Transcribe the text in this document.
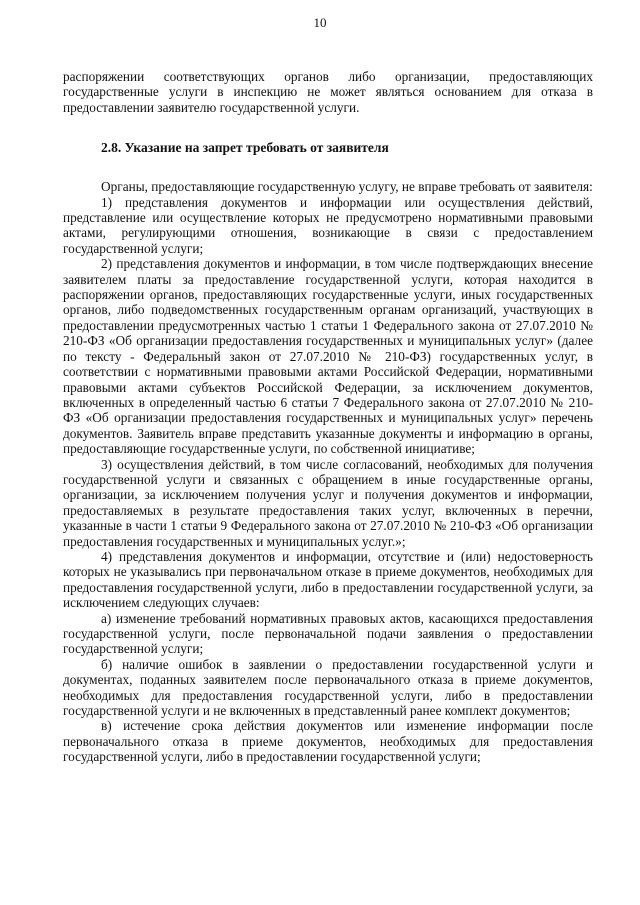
10

распоряжении соответствующих органов либо организации, предоставляющих государственные услуги в инспекцию не может являться основанием для отказа в предоставлении заявителю государственной услуги.

2.8. Указание на запрет требовать от заявителя

Органы, предоставляющие государственную услугу, не вправе требовать от заявителя:

1) представления документов и информации или осуществления действий, представление или осуществление которых не предусмотрено нормативными правовыми актами, регулирующими отношения, возникающие в связи с предоставлением государственной услуги;

2) представления документов и информации, в том числе подтверждающих внесение заявителем платы за предоставление государственной услуги, которая находится в распоряжении органов, предоставляющих государственные услуги, иных государственных органов, либо подведомственных государственным органам организаций, участвующих в предоставлении предусмотренных частью 1 статьи 1 Федерального закона от 27.07.2010 № 210-ФЗ «Об организации предоставления государственных и муниципальных услуг» (далее по тексту - Федеральный закон от 27.07.2010 № 210-ФЗ) государственных услуг, в соответствии с нормативными правовыми актами Российской Федерации, нормативными правовыми актами субъектов Российской Федерации, за исключением документов, включенных в определенный частью 6 статьи 7 Федерального закона от 27.07.2010 № 210-ФЗ «Об организации предоставления государственных и муниципальных услуг» перечень документов. Заявитель вправе представить указанные документы и информацию в органы, предоставляющие государственные услуги, по собственной инициативе;

3) осуществления действий, в том числе согласований, необходимых для получения государственной услуги и связанных с обращением в иные государственные органы, организации, за исключением получения услуг и получения документов и информации, предоставляемых в результате предоставления таких услуг, включенных в перечни, указанные в части 1 статьи 9 Федерального закона от 27.07.2010 № 210-ФЗ «Об организации предоставления государственных и муниципальных услуг.»;

4) представления документов и информации, отсутствие и (или) недостоверность которых не указывались при первоначальном отказе в приеме документов, необходимых для предоставления государственной услуги, либо в предоставлении государственной услуги, за исключением следующих случаев:

а) изменение требований нормативных правовых актов, касающихся предоставления государственной услуги, после первоначальной подачи заявления о предоставлении государственной услуги;

б) наличие ошибок в заявлении о предоставлении государственной услуги и документах, поданных заявителем после первоначального отказа в приеме документов, необходимых для предоставления государственной услуги, либо в предоставлении государственной услуги и не включенных в представленный ранее комплект документов;

в) истечение срока действия документов или изменение информации после первоначального отказа в приеме документов, необходимых для предоставления государственной услуги, либо в предоставлении государственной услуги;
